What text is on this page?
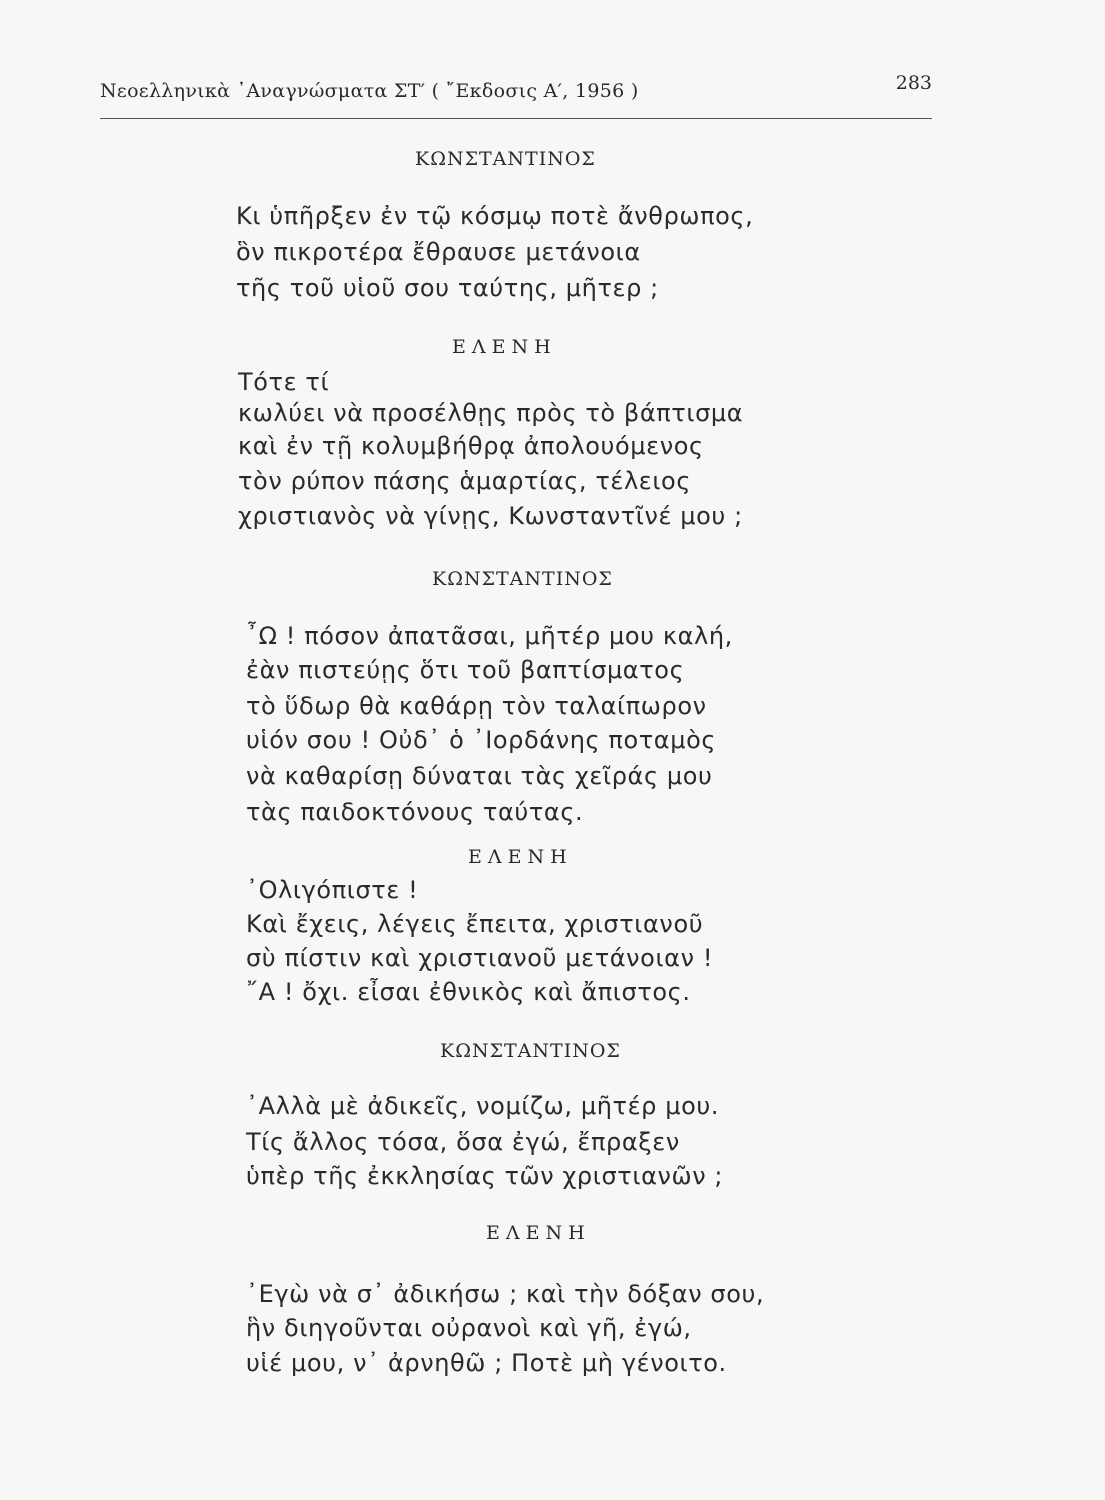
Νεοελληνικὰ ᾽Αναγνώσματα ΣΤ′ ( ῎Εκδοσις Α′, 1956 )	283
ΚΩΝΣΤΑΝΤΙΝΟΣ
Κι ὑπῆρξεν ἐν τῷ κόσμῳ ποτὲ ἄνθρωπος,
ὃν πικροτέρα ἔθραυσε μετάνοια
τῆς τοῦ υἱοῦ σου ταύτης, μῆτερ ;
ΕΛΕΝΗ
Τότε τί
κωλύει νὰ προσέλθῃς πρὸς τὸ βάπτισμα
καὶ ἐν τῇ κολυμβήθρᾳ ἀπολουόμενος
τὸν ρύπον πάσης ἁμαρτίας, τέλειος
χριστιανὸς νὰ γίνῃς, Κωνσταντῖνέ μου ;
ΚΩΝΣΤΑΝΤΙΝΟΣ
῏Ω ! πόσον ἀπατᾶσαι, μῆτέρ μου καλή,
ἐὰν πιστεύῃς ὅτι τοῦ βαπτίσματος
τὸ ὕδωρ θὰ καθάρῃ τὸν ταλαίπωρον
υἱόν σου ! Οὐδ᾽ ὁ ᾽Ιορδάνης ποταμὸς
νὰ καθαρίσῃ δύναται τὰς χεῖράς μου
τὰς παιδοκτόνους ταύτας.
ΕΛΕΝΗ
᾽Ολιγόπιστε !
Καὶ ἔχεις, λέγεις ἔπειτα, χριστιανοῦ
σὺ πίστιν καὶ χριστιανοῦ μετάνοιαν !
῎Α ! ὄχι. εἶσαι ἐθνικὸς καὶ ἄπιστος.
ΚΩΝΣΤΑΝΤΙΝΟΣ
᾽Αλλὰ μὲ ἀδικεῖς, νομίζω, μῆτέρ μου.
Τίς ἄλλος τόσα, ὅσα ἐγώ, ἔπραξεν
ὑπὲρ τῆς ἐκκλησίας τῶν χριστιανῶν ;
ΕΛΕΝΗ
᾽Εγὼ νὰ σ᾽ ἀδικήσω ; καὶ τὴν δόξαν σου,
ἣν διηγοῦνται οὐρανοὶ καὶ γῆ, ἐγώ,
υἱέ μου, ν᾽ ἀρνηθῶ ; Ποτὲ μὴ γένοιτο.
